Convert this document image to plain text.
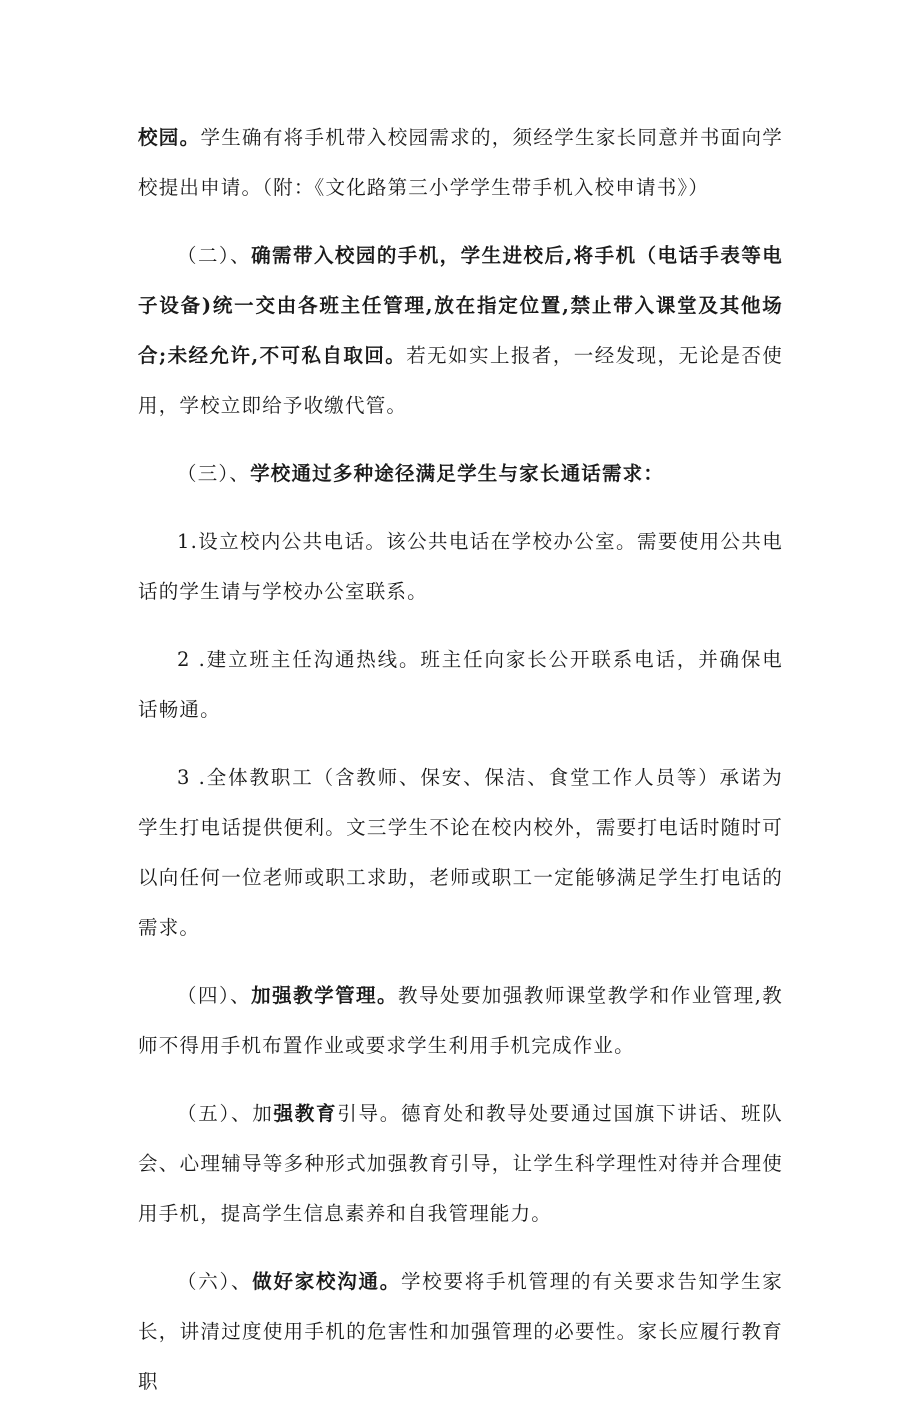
校园。学生确有将手机带入校园需求的，须经学生家长同意并书面向学校提出申请。（附：《文化路第三小学学生带手机入校申请书》）

（二）、确需带入校园的手机，学生进校后,将手机（电话手表等电子设备)统一交由各班主任管理,放在指定位置,禁止带入课堂及其他场合;未经允许,不可私自取回。若无如实上报者，一经发现，无论是否使用，学校立即给予收缴代管。

（三）、学校通过多种途径满足学生与家长通话需求：

1.设立校内公共电话。该公共电话在学校办公室。需要使用公共电话的学生请与学校办公室联系。

2 .建立班主任沟通热线。班主任向家长公开联系电话，并确保电话畅通。

3 .全体教职工（含教师、保安、保洁、食堂工作人员等）承诺为学生打电话提供便利。文三学生不论在校内校外，需要打电话时随时可以向任何一位老师或职工求助，老师或职工一定能够满足学生打电话的需求。

（四）、加强教学管理。教导处要加强教师课堂教学和作业管理,教师不得用手机布置作业或要求学生利用手机完成作业。

（五）、加强教育引导。德育处和教导处要通过国旗下讲话、班队会、心理辅导等多种形式加强教育引导，让学生科学理性对待并合理使用手机，提高学生信息素养和自我管理能力。

（六）、做好家校沟通。学校要将手机管理的有关要求告知学生家长，讲清过度使用手机的危害性和加强管理的必要性。家长应履行教育职
